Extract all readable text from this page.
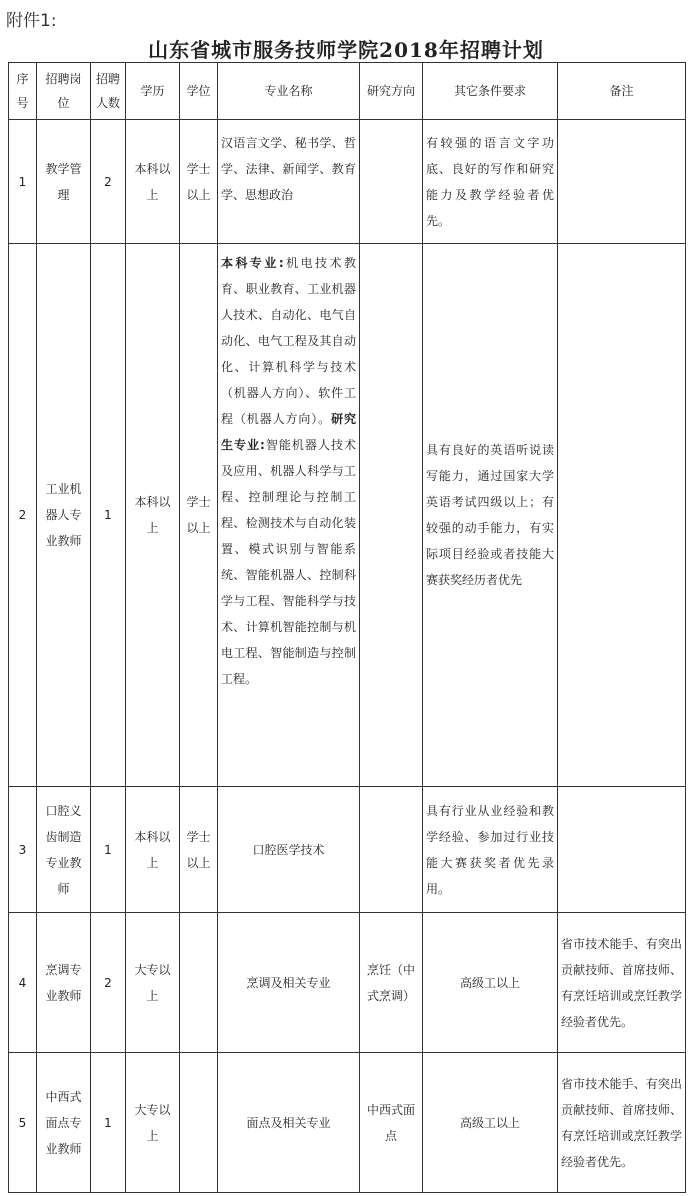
附件1:
山东省城市服务技师学院2018年招聘计划
序号	招聘岗位	招聘人数	学历	学位	专业名称	研究方向	其它条件要求	备注
1	教学管理	2	本科以上	学士以上	汉语言文学、秘书学、哲学、法律、新闻学、教育学、思想政治		有较强的语言文字功底、良好的写作和研究能力及教学经验者优先。	
2	工业机器人专业教师	1	本科以上	学士以上	本科专业:机电技术教育、职业教育、工业机器人技术、自动化、电气自动化、电气工程及其自动化、计算机科学与技术（机器人方向）、软件工程（机器人方向）。研究生专业:智能机器人技术及应用、机器人科学与工程、控制理论与控制工程、检测技术与自动化装置、模式识别与智能系统、智能机器人、控制科学与工程、智能科学与技术、计算机智能控制与机电工程、智能制造与控制工程。		具有良好的英语听说读写能力，通过国家大学英语考试四级以上；有较强的动手能力，有实际项目经验或者技能大赛获奖经历者优先	
3	口腔义齿制造专业教师	1	本科以上	学士以上	口腔医学技术		具有行业从业经验和教学经验、参加过行业技能大赛获奖者优先录用。	
4	烹调专业教师	2	大专以上		烹调及相关专业	烹饪（中式烹调）	高级工以上	省市技术能手、有突出贡献技师、首席技师、有烹饪培训或烹饪教学经验者优先。
5	中西式面点专业教师	1	大专以上		面点及相关专业	中西式面点	高级工以上	省市技术能手、有突出贡献技师、首席技师、有烹饪培训或烹饪教学经验者优先。
